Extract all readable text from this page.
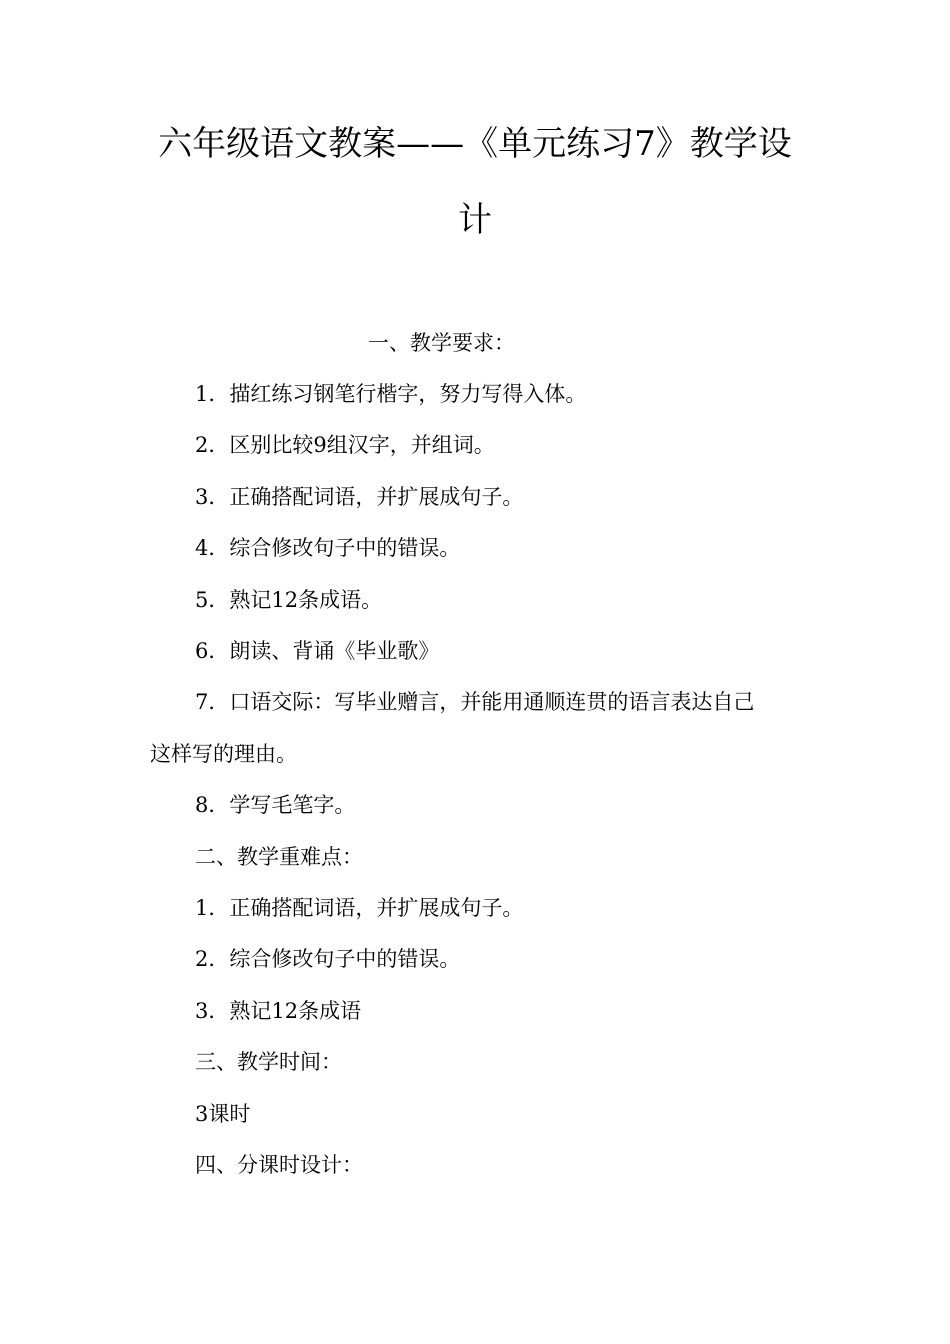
六年级语文教案——《单元练习7》教学设
计

一、教学要求：

1．描红练习钢笔行楷字，努力写得入体。

2．区别比较9组汉字，并组词。

3．正确搭配词语，并扩展成句子。

4．综合修改句子中的错误。

5．熟记12条成语。

6．朗读、背诵《毕业歌》

7．口语交际：写毕业赠言，并能用通顺连贯的语言表达自己

这样写的理由。

8．学写毛笔字。

二、教学重难点：

1．正确搭配词语，并扩展成句子。

2．综合修改句子中的错误。

3．熟记12条成语

三、教学时间：

3课时

四、分课时设计：
